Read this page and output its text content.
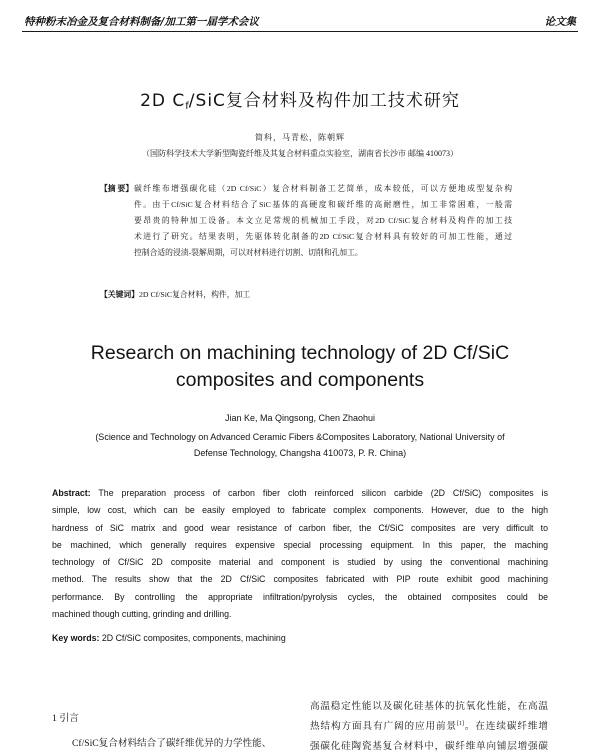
特种粉末冶金及复合材料制备/加工第一届学术会议	论文集
2D $C_f$/SiC复合材料及构件加工技术研究
简科，马青松，陈朝辉
（国防科学技术大学新型陶瓷纤维及其复合材料重点实验室，湖南省长沙市 邮编 410073）
【摘 要】 碳纤维布增强碳化硅（2D Cf/SiC）复合材料制备工艺简单，成本较低，可以方便地成型复杂构
件。由于Cf/SiC复合材料结合了SiC基体的高硬度和碳纤维的高耐磨性，加工非常困难，一般需
要昂贵的特种加工设备。本文立足常规的机械加工手段，对2D Cf/SiC复合材料及构件的加工技
术进行了研究。结果表明，先驱体转化制备的2D Cf/SiC复合材料具有较好的可加工性能，通过
控制合适的浸渍-裂解周期，可以对材料进行切割、切削和孔加工。
【关键词】2D Cf/SiC复合材料，构件，加工
Research on machining technology of 2D Cf/SiC
composites and components
Jian Ke, Ma Qingsong, Chen Zhaohui
(Science and Technology on Advanced Ceramic Fibers &Composites Laboratory, National University of
Defense Technology, Changsha 410073, P. R. China)
Abstract: The preparation process of carbon fiber cloth reinforced silicon carbide (2D Cf/SiC) composites is
simple, low cost, which can be easily employed to fabricate complex components. However, due to the high
hardness of SiC matrix and good wear resistance of carbon fiber, the Cf/SiC composites are very difficult to
be machined, which generally requires expensive special processing equipment. In this paper, the maching
technology of Cf/SiC 2D composite material and component is studied by using the conventional machining
method. The results show that the 2D Cf/SiC composites fabricated with PIP route exhibit good machining
performance. By controlling the appropriate infiltration/pyrolysis cycles, the obtained composites could be
machined though cutting, grinding and drilling.
Key words: 2D Cf/SiC composites, components, machining
1 引言
Cf/SiC复合材料结合了碳纤维优异的力学性能、
高温稳定性能以及碳化硅基体的抗氧化性能，在高温
热结构方面具有广阔的应用前景[1]。在连续碳纤维增
强碳化硅陶瓷基复合材料中，碳纤维单向铺层增强碳
